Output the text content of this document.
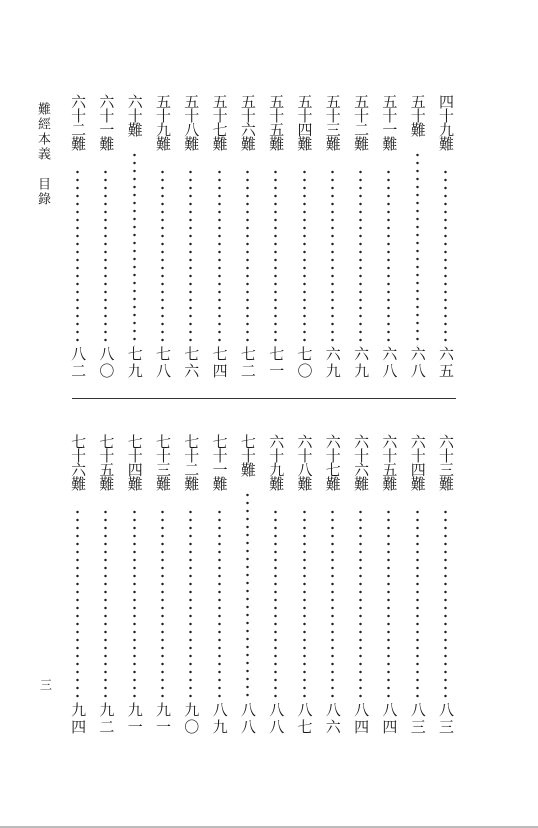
難經本義　目錄	四十九難
六五
五十難
六八
五十一難
六八
五十二難
六九
五十三難
六九
五十四難
七〇
五十五難
七一
五十六難
七二
五十七難
七四
五十八難
七六
五十九難
七八
六十難
七九
六十一難
八〇
六十二難
八二
六十三難
八三
六十四難
八三
六十五難
八四
六十六難
八四
六十七難
八六
六十八難
八七
六十九難
八八
七十難
八八
七十一難
八九
七十二難
九〇
七十三難
九一
七十四難
九一
七十五難
九二
七十六難
九四
三
